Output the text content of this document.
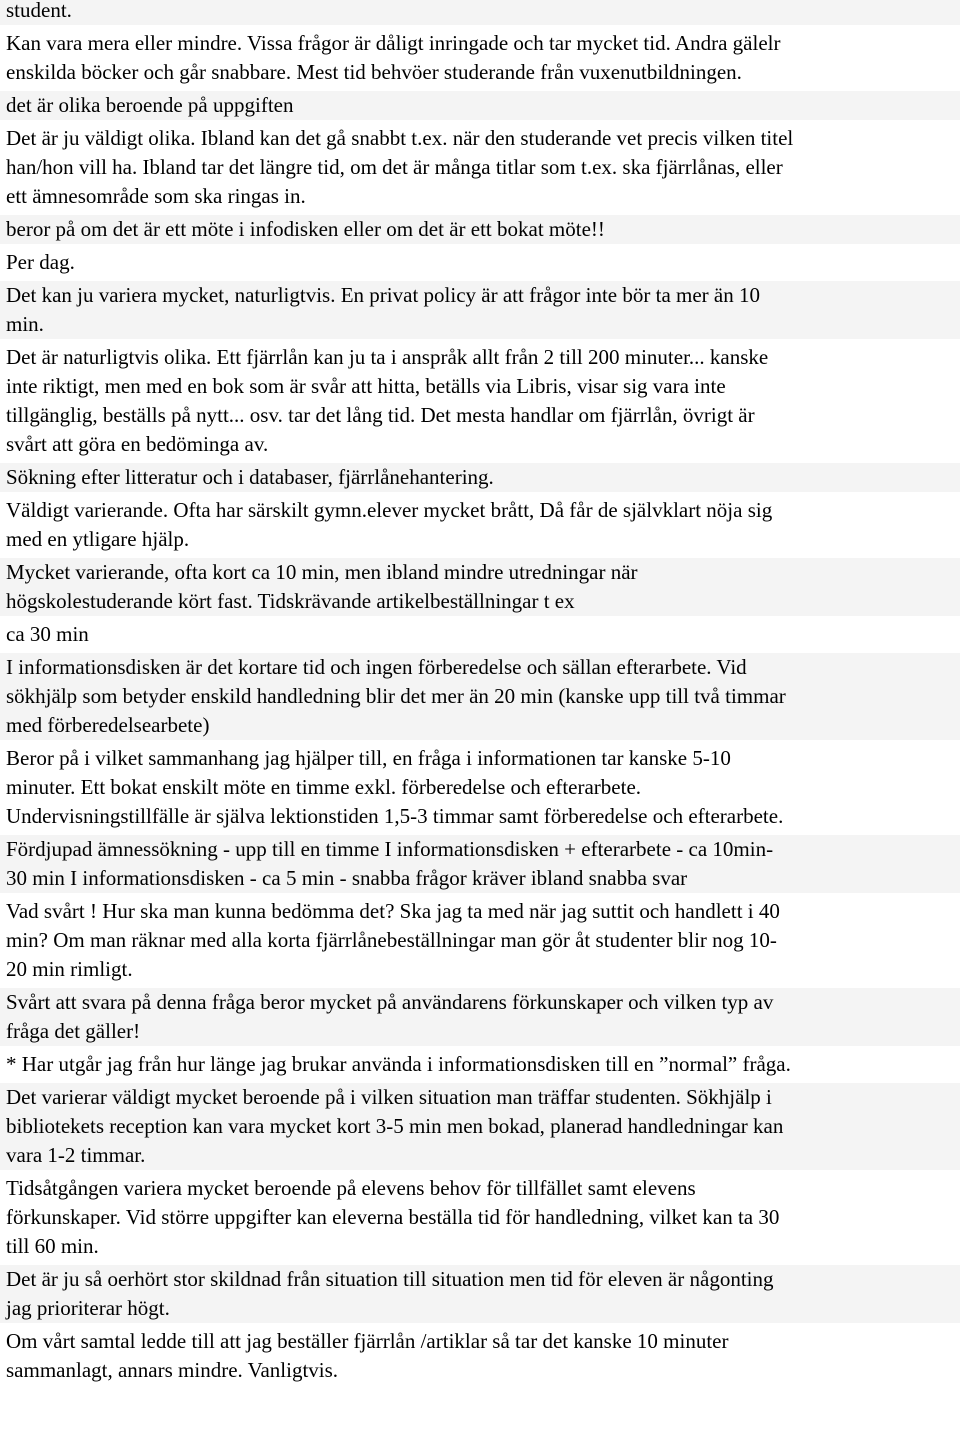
student.
Kan vara mera eller mindre. Vissa frågor är dåligt inringade och tar mycket tid. Andra gälelr
enskilda böcker och går snabbare. Mest tid behvöer studerande från vuxenutbildningen.
det är olika beroende på uppgiften
Det är ju väldigt olika. Ibland kan det gå snabbt t.ex. när den studerande vet precis vilken titel
han/hon vill ha. Ibland tar det längre tid, om det är många titlar som t.ex. ska fjärrlånas, eller
ett ämnesområde som ska ringas in.
beror på om det är ett möte i infodisken eller om det är ett bokat möte!!
Per dag.
Det kan ju variera mycket, naturligtvis. En privat policy är att frågor inte bör ta mer än 10
min.
Det är naturligtvis olika. Ett fjärrlån kan ju ta i anspråk allt från 2 till 200 minuter... kanske
inte riktigt, men med en bok som är svår att hitta, betälls via Libris, visar sig vara inte
tillgänglig, beställs på nytt... osv. tar det lång tid. Det mesta handlar om fjärrlån, övrigt är
svårt att göra en bedöminga av.
Sökning efter litteratur och i databaser, fjärrlånehantering.
Väldigt varierande. Ofta har särskilt gymn.elever mycket brått, Då får de självklart nöja sig
med en ytligare hjälp.
Mycket varierande, ofta kort ca 10 min, men ibland mindre utredningar när
högskolestuderande kört fast. Tidskrävande artikelbeställningar t ex
ca 30 min
I informationsdisken är det kortare tid och ingen förberedelse och sällan efterarbete. Vid
sökhjälp som betyder enskild handledning blir det mer än 20 min (kanske upp till två timmar
med förberedelsearbete)
Beror på i vilket sammanhang jag hjälper till, en fråga i informationen tar kanske 5-10
minuter. Ett bokat enskilt möte en timme exkl. förberedelse och efterarbete.
Undervisningstillfälle är själva lektionstiden 1,5-3 timmar samt förberedelse och efterarbete.
Fördjupad ämnessökning - upp till en timme I informationsdisken + efterarbete - ca 10min-
30 min I informationsdisken - ca 5 min - snabba frågor kräver ibland snabba svar
Vad svårt ! Hur ska man kunna bedömma det? Ska jag ta med när jag suttit och handlett i 40
min? Om man räknar med alla korta fjärrlånebeställningar man gör åt studenter blir nog 10-
20 min rimligt.
Svårt att svara på denna fråga beror mycket på användarens förkunskaper och vilken typ av
fråga det gäller!
* Har utgår jag från hur länge jag brukar använda i informationsdisken till en ”normal” fråga.
Det varierar väldigt mycket beroende på i vilken situation man träffar studenten. Sökhjälp i
bibliotekets reception kan vara mycket kort 3-5 min men bokad, planerad handledningar kan
vara 1-2 timmar.
Tidsåtgången variera mycket beroende på elevens behov för tillfället samt elevens
förkunskaper. Vid större uppgifter kan eleverna beställa tid för handledning, vilket kan ta 30
till 60 min.
Det är ju så oerhört stor skildnad från situation till situation men tid för eleven är någonting
jag prioriterar högt.
Om vårt samtal ledde till att jag beställer fjärrlån /artiklar så tar det kanske 10 minuter
sammanlagt, annars mindre. Vanligtvis.
